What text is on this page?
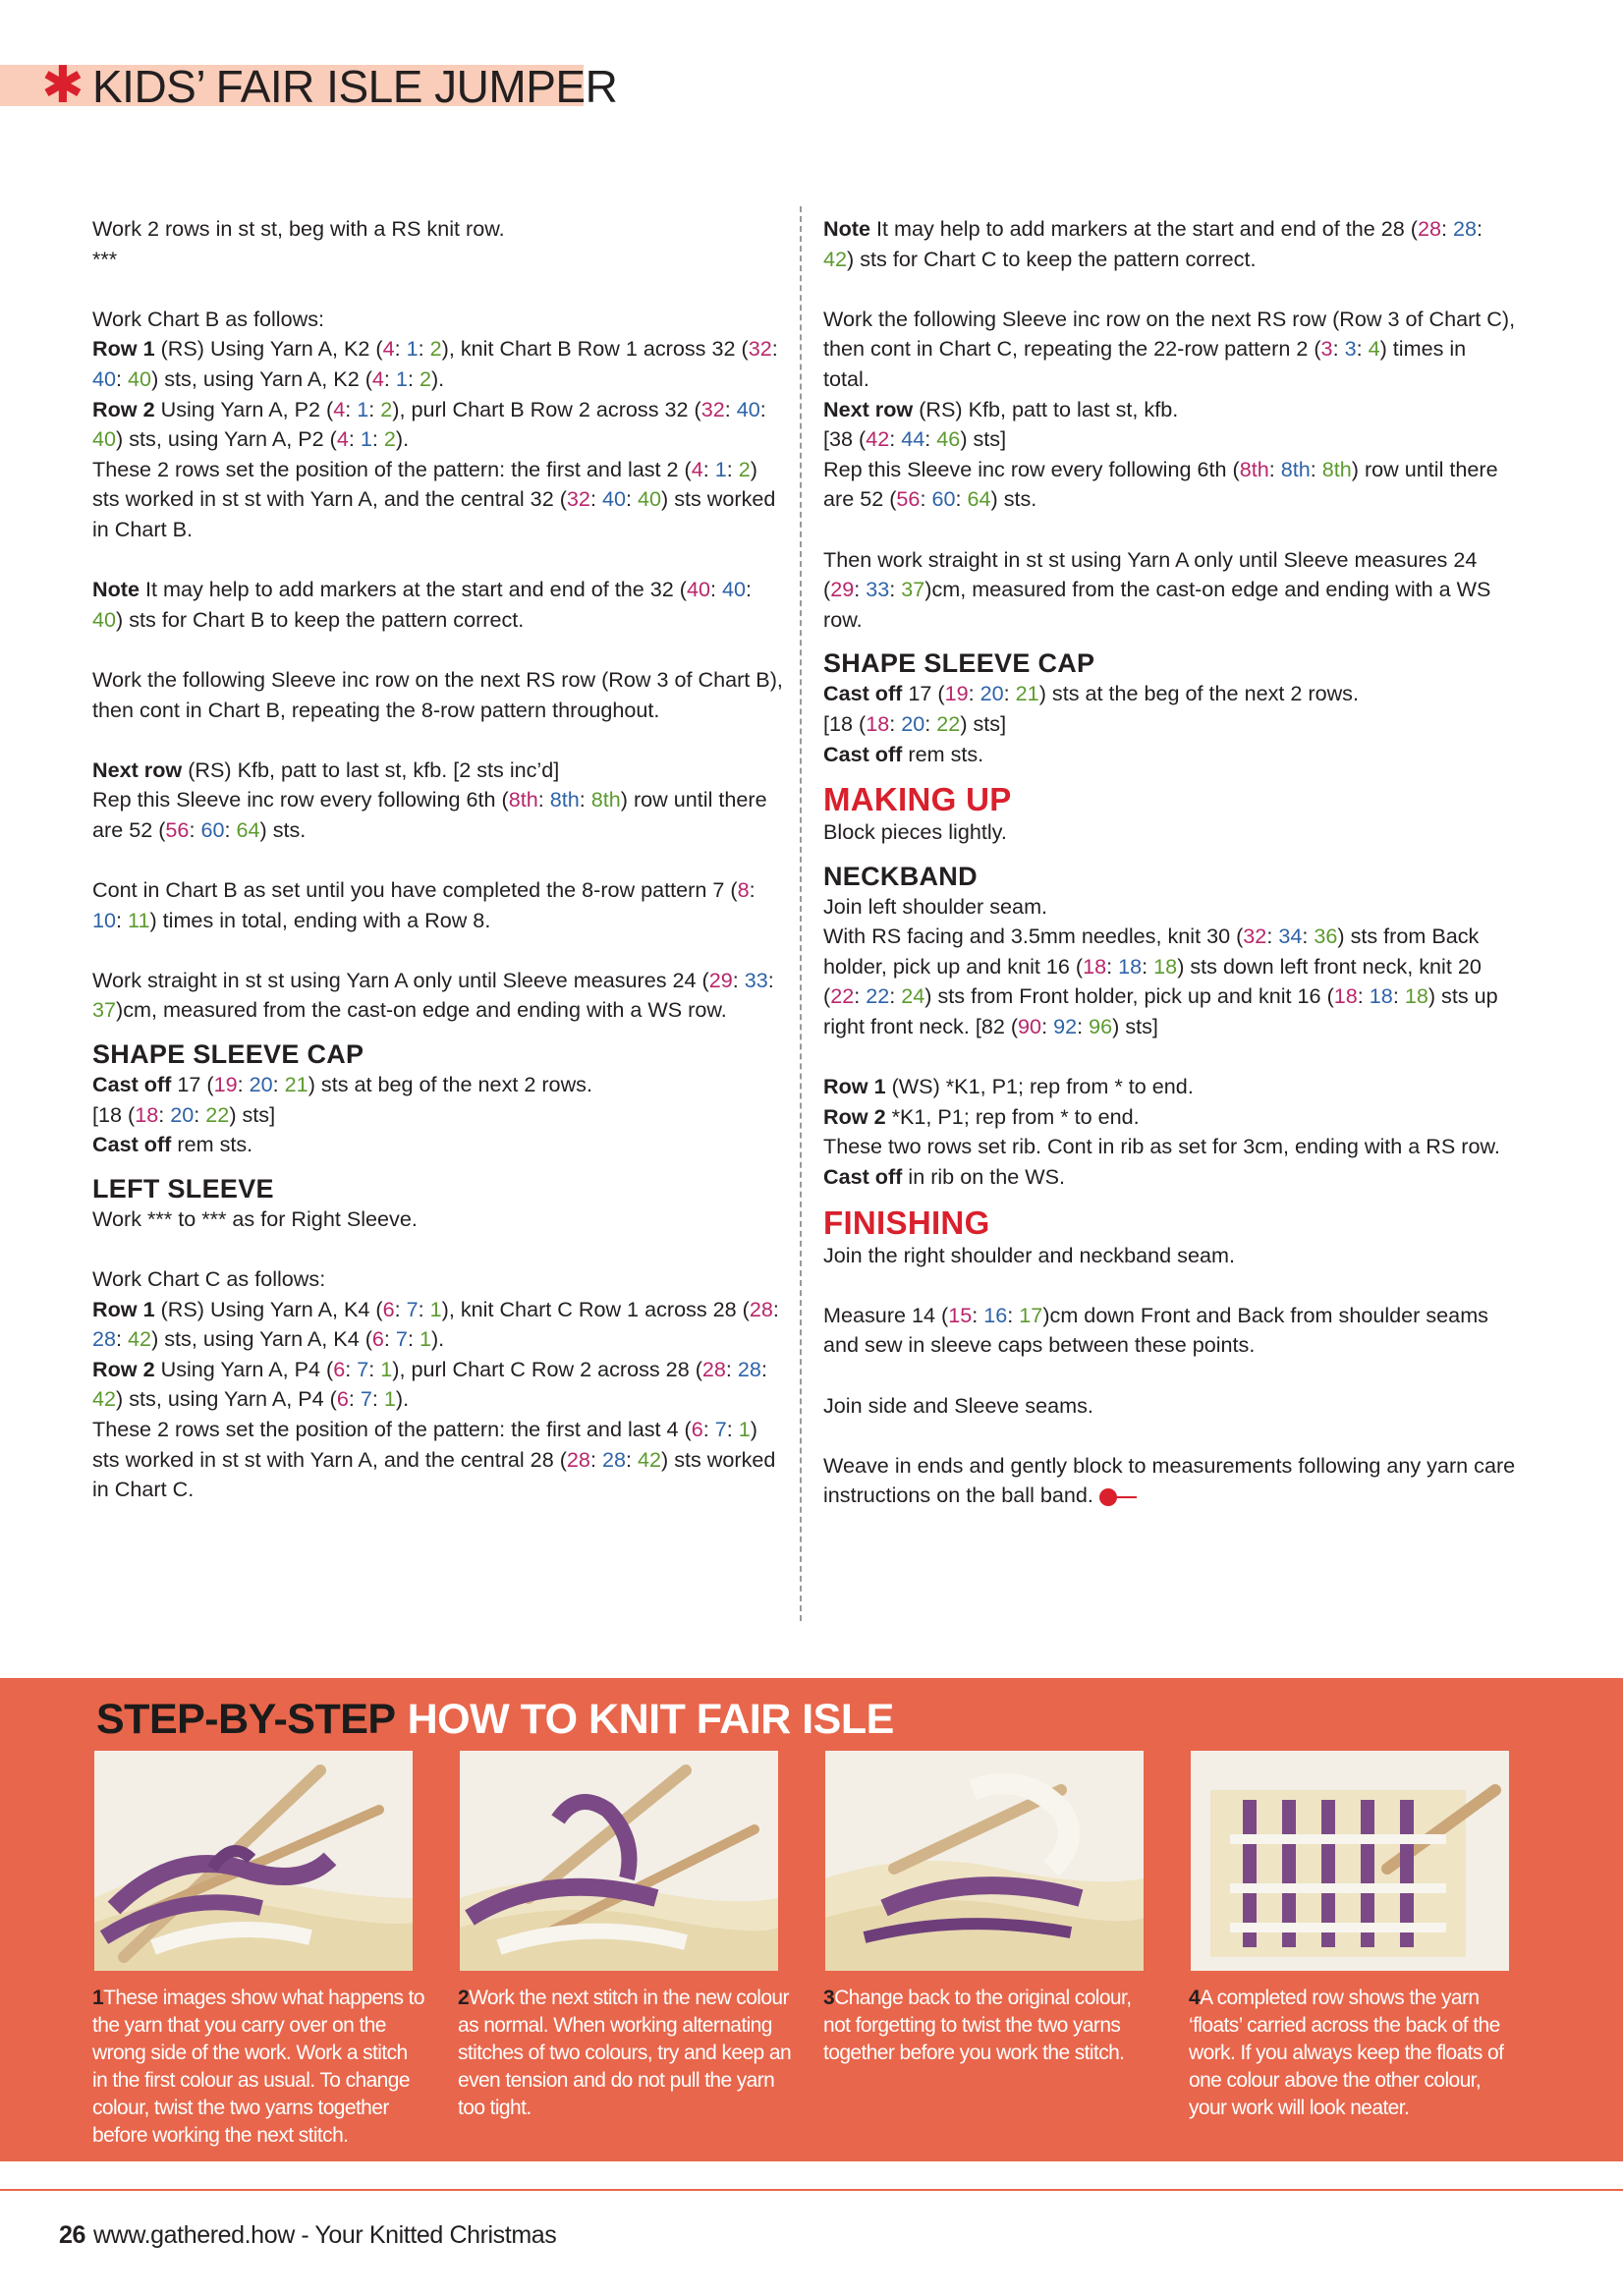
✱ KIDS’ FAIR ISLE JUMPER

Work 2 rows in st st, beg with a RS knit row.

***

Work Chart B as follows:

Row 1 (RS) Using Yarn A, K2 (4: 1: 2), knit Chart B Row 1 across 32 (32: 40: 40) sts, using Yarn A, K2 (4: 1: 2).

Row 2 Using Yarn A, P2 (4: 1: 2), purl Chart B Row 2 across 32 (32: 40: 40) sts, using Yarn A, P2 (4: 1: 2).

These 2 rows set the position of the pattern: the first and last 2 (4: 1: 2) sts worked in st st with Yarn A, and the central 32 (32: 40: 40) sts worked in Chart B.

Note It may help to add markers at the start and end of the 32 (40: 40: 40) sts for Chart B to keep the pattern correct.

Work the following Sleeve inc row on the next RS row (Row 3 of Chart B), then cont in Chart B, repeating the 8-row pattern throughout.

Next row (RS) Kfb, patt to last st, kfb. [2 sts inc’d]

Rep this Sleeve inc row every following 6th (8th: 8th: 8th) row until there are 52 (56: 60: 64) sts.

Cont in Chart B as set until you have completed the 8-row pattern 7 (8: 10: 11) times in total, ending with a Row 8.

Work straight in st st using Yarn A only until Sleeve measures 24 (29: 33: 37)cm, measured from the cast-on edge and ending with a WS row.

SHAPE SLEEVE CAP

Cast off 17 (19: 20: 21) sts at beg of the next 2 rows.

[18 (18: 20: 22) sts]

Cast off rem sts.

LEFT SLEEVE

Work *** to *** as for Right Sleeve.

Work Chart C as follows:

Row 1 (RS) Using Yarn A, K4 (6: 7: 1), knit Chart C Row 1 across 28 (28: 28: 42) sts, using Yarn A, K4 (6: 7: 1).

Row 2 Using Yarn A, P4 (6: 7: 1), purl Chart C Row 2 across 28 (28: 28: 42) sts, using Yarn A, P4 (6: 7: 1).

These 2 rows set the position of the pattern: the first and last 4 (6: 7: 1) sts worked in st st with Yarn A, and the central 28 (28: 28: 42) sts worked in Chart C.

Note It may help to add markers at the start and end of the 28 (28: 28: 42) sts for Chart C to keep the pattern correct.

Work the following Sleeve inc row on the next RS row (Row 3 of Chart C), then cont in Chart C, repeating the 22-row pattern 2 (3: 3: 4) times in total.

Next row (RS) Kfb, patt to last st, kfb.

[38 (42: 44: 46) sts]

Rep this Sleeve inc row every following 6th (8th: 8th: 8th) row until there are 52 (56: 60: 64) sts.

Then work straight in st st using Yarn A only until Sleeve measures 24 (29: 33: 37)cm, measured from the cast-on edge and ending with a WS row.

SHAPE SLEEVE CAP

Cast off 17 (19: 20: 21) sts at the beg of the next 2 rows.

[18 (18: 20: 22) sts]

Cast off rem sts.

MAKING UP

Block pieces lightly.

NECKBAND

Join left shoulder seam.

With RS facing and 3.5mm needles, knit 30 (32: 34: 36) sts from Back holder, pick up and knit 16 (18: 18: 18) sts down left front neck, knit 20 (22: 22: 24) sts from Front holder, pick up and knit 16 (18: 18: 18) sts up right front neck. [82 (90: 92: 96) sts]

Row 1 (WS) *K1, P1; rep from * to end.

Row 2 *K1, P1; rep from * to end.

These two rows set rib. Cont in rib as set for 3cm, ending with a RS row.

Cast off in rib on the WS.

FINISHING

Join the right shoulder and neckband seam.

Measure 14 (15: 16: 17)cm down Front and Back from shoulder seams and sew in sleeve caps between these points.

Join side and Sleeve seams.

Weave in ends and gently block to measurements following any yarn care instructions on the ball band.

STEP-BY-STEP HOW TO KNIT FAIR ISLE
1These images show what happens to the yarn that you carry over on the wrong side of the work. Work a stitch in the first colour as usual. To change colour, twist the two yarns together before working the next stitch.
2Work the next stitch in the new colour as normal. When working alternating stitches of two colours, try and keep an even tension and do not pull the yarn too tight.
3Change back to the original colour, not forgetting to twist the two yarns together before you work the stitch.
4A completed row shows the yarn ‘floats’ carried across the back of the work. If you always keep the floats of one colour above the other colour, your work will look neater.
26 www.gathered.how - Your Knitted Christmas
